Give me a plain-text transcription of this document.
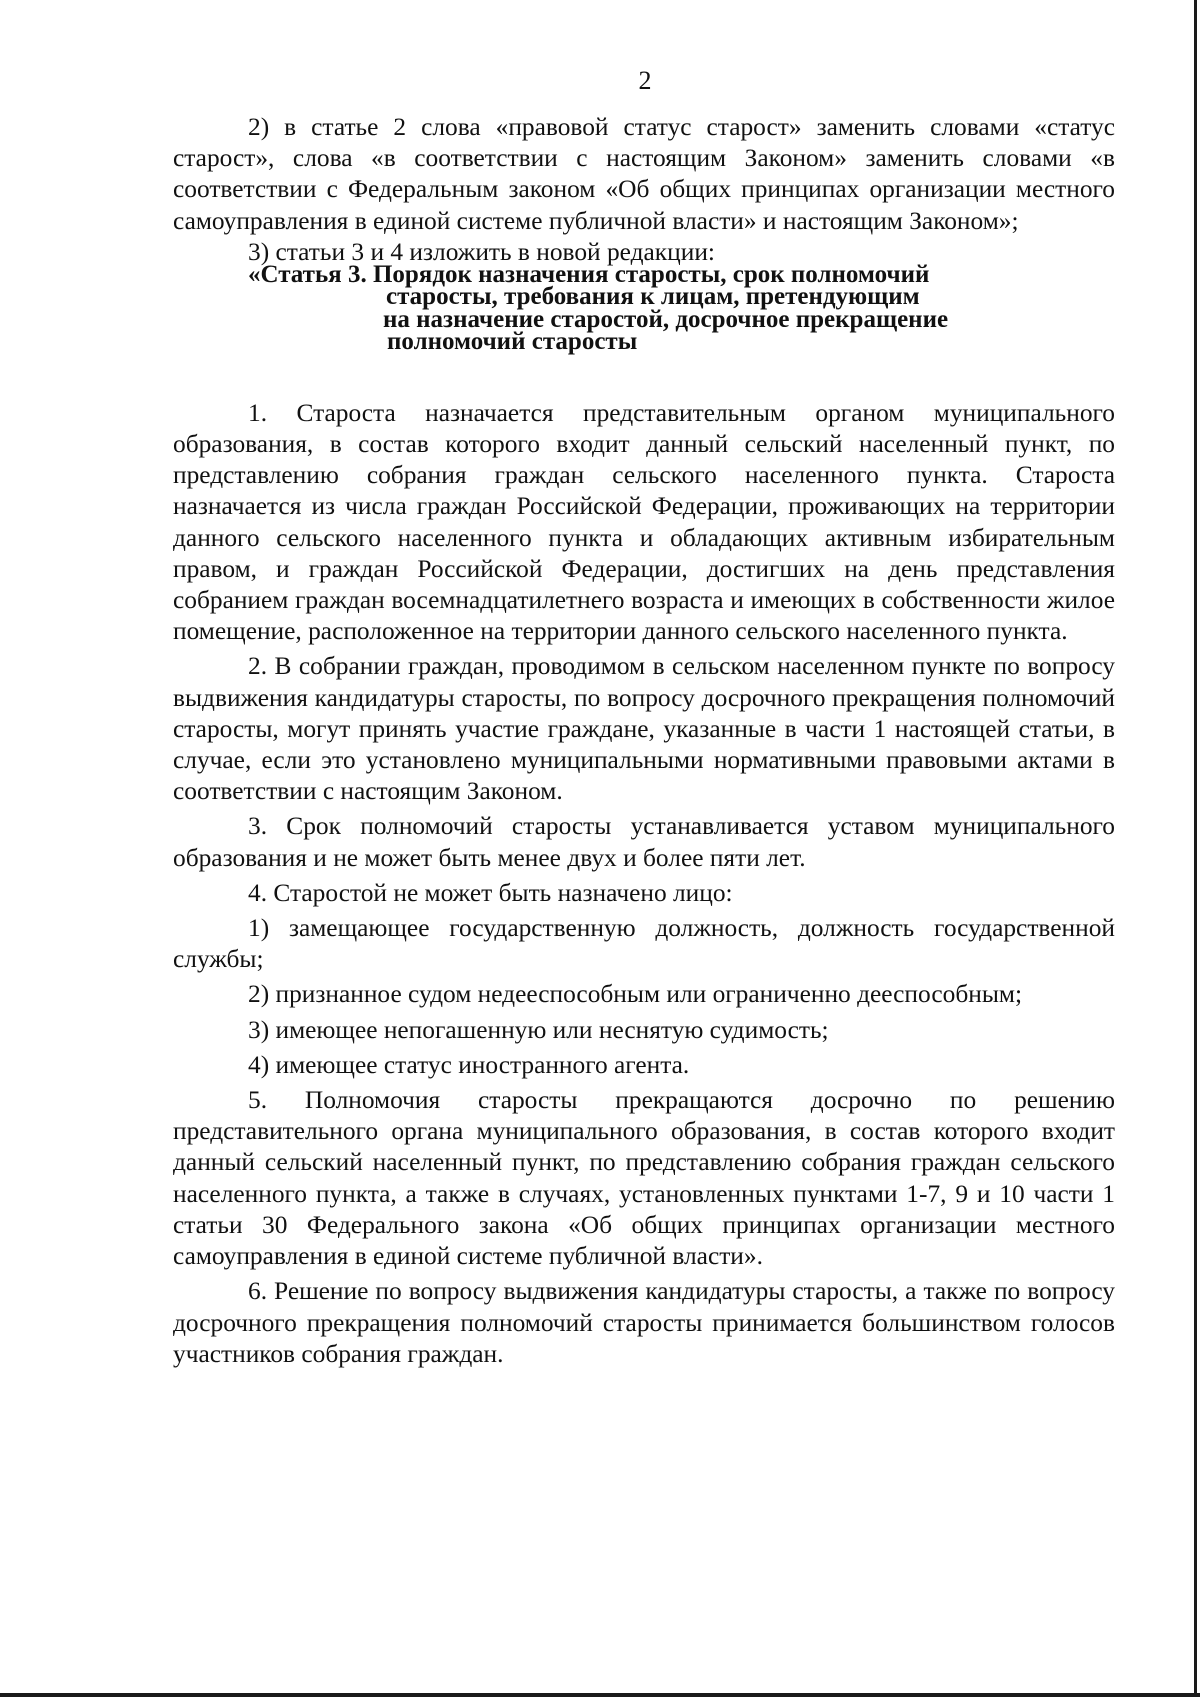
2

2) в статье 2 слова «правовой статус старост» заменить словами «статус старост», слова «в соответствии с настоящим Законом» заменить словами «в соответствии с Федеральным законом «Об общих принципах организации местного самоуправления в единой системе публичной власти» и настоящим Законом»;

3) статьи 3 и 4 изложить в новой редакции:

«Статья 3. Порядок назначения старосты, срок полномочий
старосты, требования к лицам, претендующим
на назначение старостой, досрочное прекращение
полномочий старосты

1. Староста назначается представительным органом муниципального образования, в состав которого входит данный сельский населенный пункт, по представлению собрания граждан сельского населенного пункта. Староста назначается из числа граждан Российской Федерации, проживающих на территории данного сельского населенного пункта и обладающих активным избирательным правом, и граждан Российской Федерации, достигших на день представления собранием граждан восемнадцатилетнего возраста и имеющих в собственности жилое помещение, расположенное на территории данного сельского населенного пункта.

2. В собрании граждан, проводимом в сельском населенном пункте по вопросу выдвижения кандидатуры старосты, по вопросу досрочного прекращения полномочий старосты, могут принять участие граждане, указанные в части 1 настоящей статьи, в случае, если это установлено муниципальными нормативными правовыми актами в соответствии с настоящим Законом.

3. Срок полномочий старосты устанавливается уставом муниципального образования и не может быть менее двух и более пяти лет.

4. Старостой не может быть назначено лицо:

1) замещающее государственную должность, должность государственной службы;

2) признанное судом недееспособным или ограниченно дееспособным;

3) имеющее непогашенную или неснятую судимость;

4) имеющее статус иностранного агента.

5. Полномочия старосты прекращаются досрочно по решению представительного органа муниципального образования, в состав которого входит данный сельский населенный пункт, по представлению собрания граждан сельского населенного пункта, а также в случаях, установленных пунктами 1-7, 9 и 10 части 1 статьи 30 Федерального закона «Об общих принципах организации местного самоуправления в единой системе публичной власти».

6. Решение по вопросу выдвижения кандидатуры старосты, а также по вопросу досрочного прекращения полномочий старосты принимается большинством голосов участников собрания граждан.
